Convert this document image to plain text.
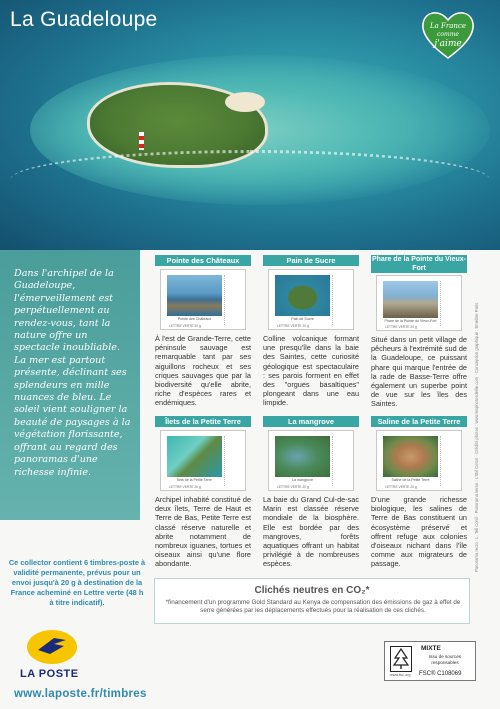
La Guadeloupe	La France
comme
j'aime
Dans l'archipel de la Guadeloupe, l'émerveillement est perpétuellement au rendez-vous, tant la nature offre un spectacle inoubliable. La mer est partout présente, déclinant ses splendeurs en mille nuances de bleu. Le soleil vient souligner la beauté de paysages à la végétation florissante, offrant au regard des panoramas d'une richesse infinie.
Ce collector contient 6 timbres-poste à validité permanente, prévus pour un envoi jusqu'à 20 g à destination de la France acheminé en Lettre verte (48 h à titre indicatif).
LA POSTE
www.laposte.fr/timbres
Pointe des Châteaux
Pointe des Châteaux
LETTRE VERTE 20 g
À l'est de Grande-Terre, cette péninsule sauvage est remarquable tant par ses aiguillons rocheux et ses criques sauvages que par la biodiversité qu'elle abrite, riche d'espèces rares et endémiques.
Pain de Sucre
Pain de Sucre
LETTRE VERTE 20 g
Colline volcanique formant une presqu'île dans la baie des Saintes, cette curiosité géologique est spectaculaire : ses parois forment en effet des "orgues basaltiques" plongeant dans une eau limpide.
Phare de la Pointe du Vieux-Fort
Phare de la Pointe du Vieux-Fort
LETTRE VERTE 20 g
Situé dans un petit village de pêcheurs à l'extrémité sud de la Guadeloupe, ce puissant phare qui marque l'entrée de la rade de Basse-Terre offre également un superbe point de vue sur les îles des Saintes.
Îlets de la Petite Terre
Îlets de la Petite Terre
LETTRE VERTE 20 g
Archipel inhabité constitué de deux îlets, Terre de Haut et Terre de Bas, Petite Terre est classé réserve naturelle et abrite notamment de nombreux iguanes, tortues et oiseaux ainsi qu'une flore abondante.
La mangrove
La mangrove
LETTRE VERTE 20 g
La baie du Grand Cul-de-sac Marin est classée réserve mondiale de la biosphère. Elle est bordée par des mangroves, forêts aquatiques offrant un habitat privilégié à de nombreuses espèces.
Saline de la Petite Terre
Saline de la Petite Terre
LETTRE VERTE 20 g
D'une grande richesse biologique, les salines de Terre de Bas constituent un écosystème préservé et offrent refuge aux colonies d'oiseaux nichant dans l'île comme aux migrateurs de passage.	Panorama recto : L. Tell Conil · Panorama verso : L'Œil Coton · Crédits photos : www.lesphotosdelile.com · Conception graphique : Emeline Paris
Clichés neutres en CO₂*
*financement d'un programme Gold Standard au Kenya de compensation des émissions de gaz à effet de serre générées par les déplacements effectués pour la réalisation de ces clichés.
MIXTE
Issu de sources responsables
FSC® C108069
www.fsc.org
